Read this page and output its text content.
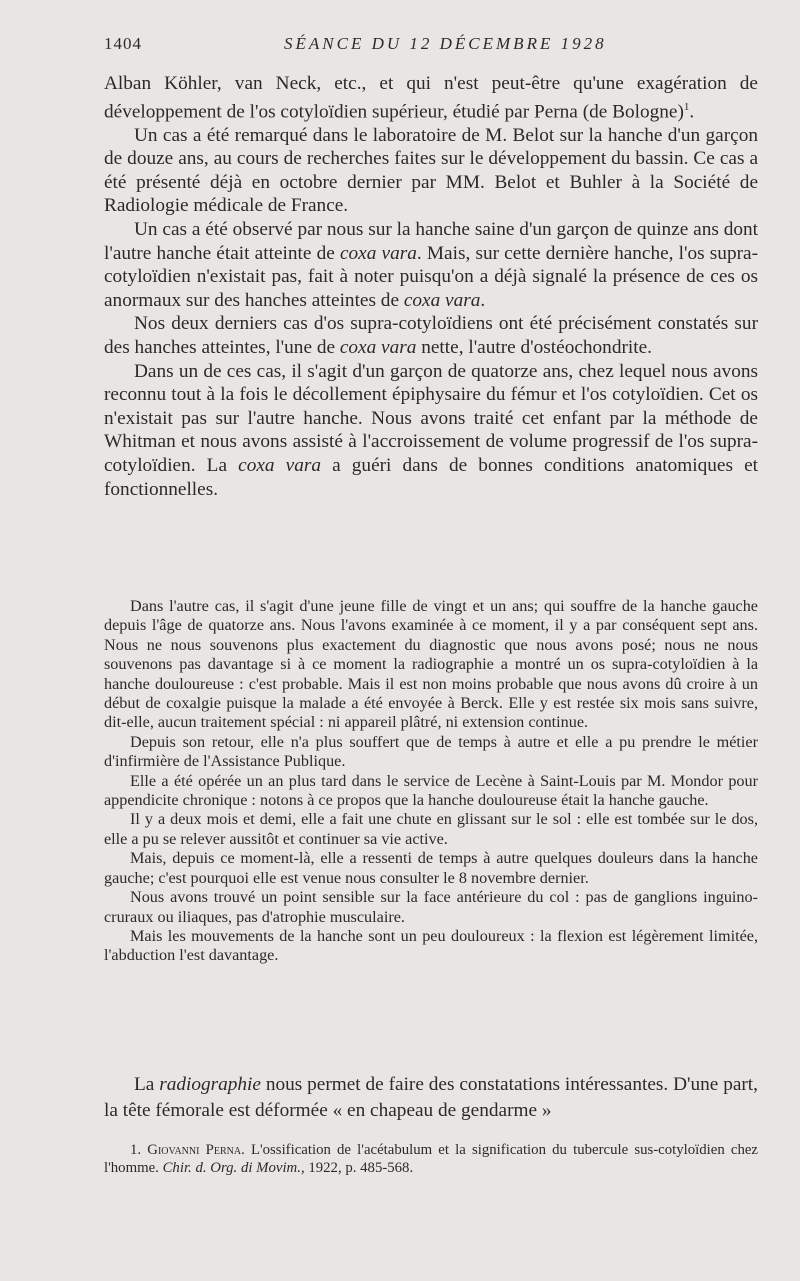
1404	SÉANCE DU 12 DÉCEMBRE 1928

Alban Köhler, van Neck, etc., et qui n'est peut-être qu'une exagération de développement de l'os cotyloïdien supérieur, étudié par Perna (de Bologne)$^1$.

Un cas a été remarqué dans le laboratoire de M. Belot sur la hanche d'un garçon de douze ans, au cours de recherches faites sur le développement du bassin. Ce cas a été présenté déjà en octobre dernier par MM. Belot et Buhler à la Société de Radiologie médicale de France.

Un cas a été observé par nous sur la hanche saine d'un garçon de quinze ans dont l'autre hanche était atteinte de coxa vara. Mais, sur cette dernière hanche, l'os supra-cotyloïdien n'existait pas, fait à noter puisqu'on a déjà signalé la présence de ces os anormaux sur des hanches atteintes de coxa vara.

Nos deux derniers cas d'os supra-cotyloïdiens ont été précisément constatés sur des hanches atteintes, l'une de coxa vara nette, l'autre d'ostéochondrite.

Dans un de ces cas, il s'agit d'un garçon de quatorze ans, chez lequel nous avons reconnu tout à la fois le décollement épiphysaire du fémur et l'os cotyloïdien. Cet os n'existait pas sur l'autre hanche. Nous avons traité cet enfant par la méthode de Whitman et nous avons assisté à l'accroissement de volume progressif de l'os supra-cotyloïdien. La coxa vara a guéri dans de bonnes conditions anatomiques et fonctionnelles.

Dans l'autre cas, il s'agit d'une jeune fille de vingt et un ans; qui souffre de la hanche gauche depuis l'âge de quatorze ans. Nous l'avons examinée à ce moment, il y a par conséquent sept ans. Nous ne nous souvenons plus exactement du diagnostic que nous avons posé; nous ne nous souvenons pas davantage si à ce moment la radiographie a montré un os supra-cotyloïdien à la hanche douloureuse : c'est probable. Mais il est non moins probable que nous avons dû croire à un début de coxalgie puisque la malade a été envoyée à Berck. Elle y est restée six mois sans suivre, dit-elle, aucun traitement spécial : ni appareil plâtré, ni extension continue.

Depuis son retour, elle n'a plus souffert que de temps à autre et elle a pu prendre le métier d'infirmière de l'Assistance Publique.

Elle a été opérée un an plus tard dans le service de Lecène à Saint-Louis par M. Mondor pour appendicite chronique : notons à ce propos que la hanche douloureuse était la hanche gauche.

Il y a deux mois et demi, elle a fait une chute en glissant sur le sol : elle est tombée sur le dos, elle a pu se relever aussitôt et continuer sa vie active.

Mais, depuis ce moment-là, elle a ressenti de temps à autre quelques douleurs dans la hanche gauche; c'est pourquoi elle est venue nous consulter le 8 novembre dernier.

Nous avons trouvé un point sensible sur la face antérieure du col : pas de ganglions inguino-cruraux ou iliaques, pas d'atrophie musculaire.

Mais les mouvements de la hanche sont un peu douloureux : la flexion est légèrement limitée, l'abduction l'est davantage.

La radiographie nous permet de faire des constatations intéressantes. D'une part, la tête fémorale est déformée « en chapeau de gendarme »

1. Giovanni Perna. L'ossification de l'acétabulum et la signification du tubercule sus-cotyloïdien chez l'homme. Chir. d. Org. di Movim., 1922, p. 485-568.
